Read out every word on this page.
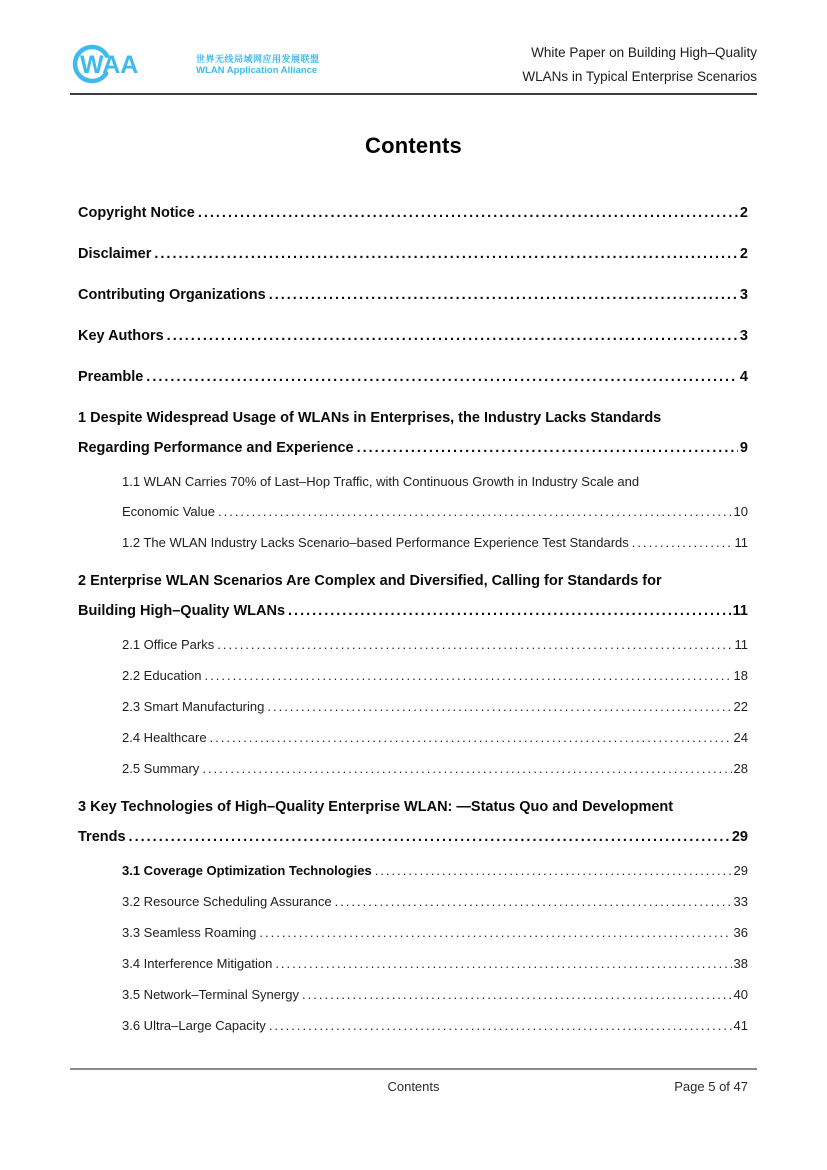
WAA	世界无线局域网应用发展联盟
WLAN Application Alliance
White Paper on Building High–Quality
WLANs in Typical Enterprise Scenarios
Contents
Copyright Notice .....	2
Disclaimer .....	2
Contributing Organizations .....	3
Key Authors .....	3
Preamble .....	4
1 Despite Widespread Usage of WLANs in Enterprises, the Industry Lacks Standards
Regarding Performance and Experience .....	9
1.1 WLAN Carries 70% of Last–Hop Traffic, with Continuous Growth in Industry Scale and
Economic Value .....	10
1.2 The WLAN Industry Lacks Scenario–based Performance Experience Test Standards .....	11
2 Enterprise WLAN Scenarios Are Complex and Diversified, Calling for Standards for
Building High–Quality WLANs .....	11
2.1 Office Parks .....	11
2.2 Education .....	18
2.3 Smart Manufacturing .....	22
2.4 Healthcare .....	24
2.5 Summary .....	28
3 Key Technologies of High–Quality Enterprise WLAN: —Status Quo and Development
Trends .....	29
3.1 Coverage Optimization Technologies .....	29
3.2 Resource Scheduling Assurance .....	33
3.3 Seamless Roaming .....	36
3.4 Interference Mitigation .....	38
3.5 Network–Terminal Synergy .....	40
3.6 Ultra–Large Capacity .....	41
Contents	Page 5 of 47
